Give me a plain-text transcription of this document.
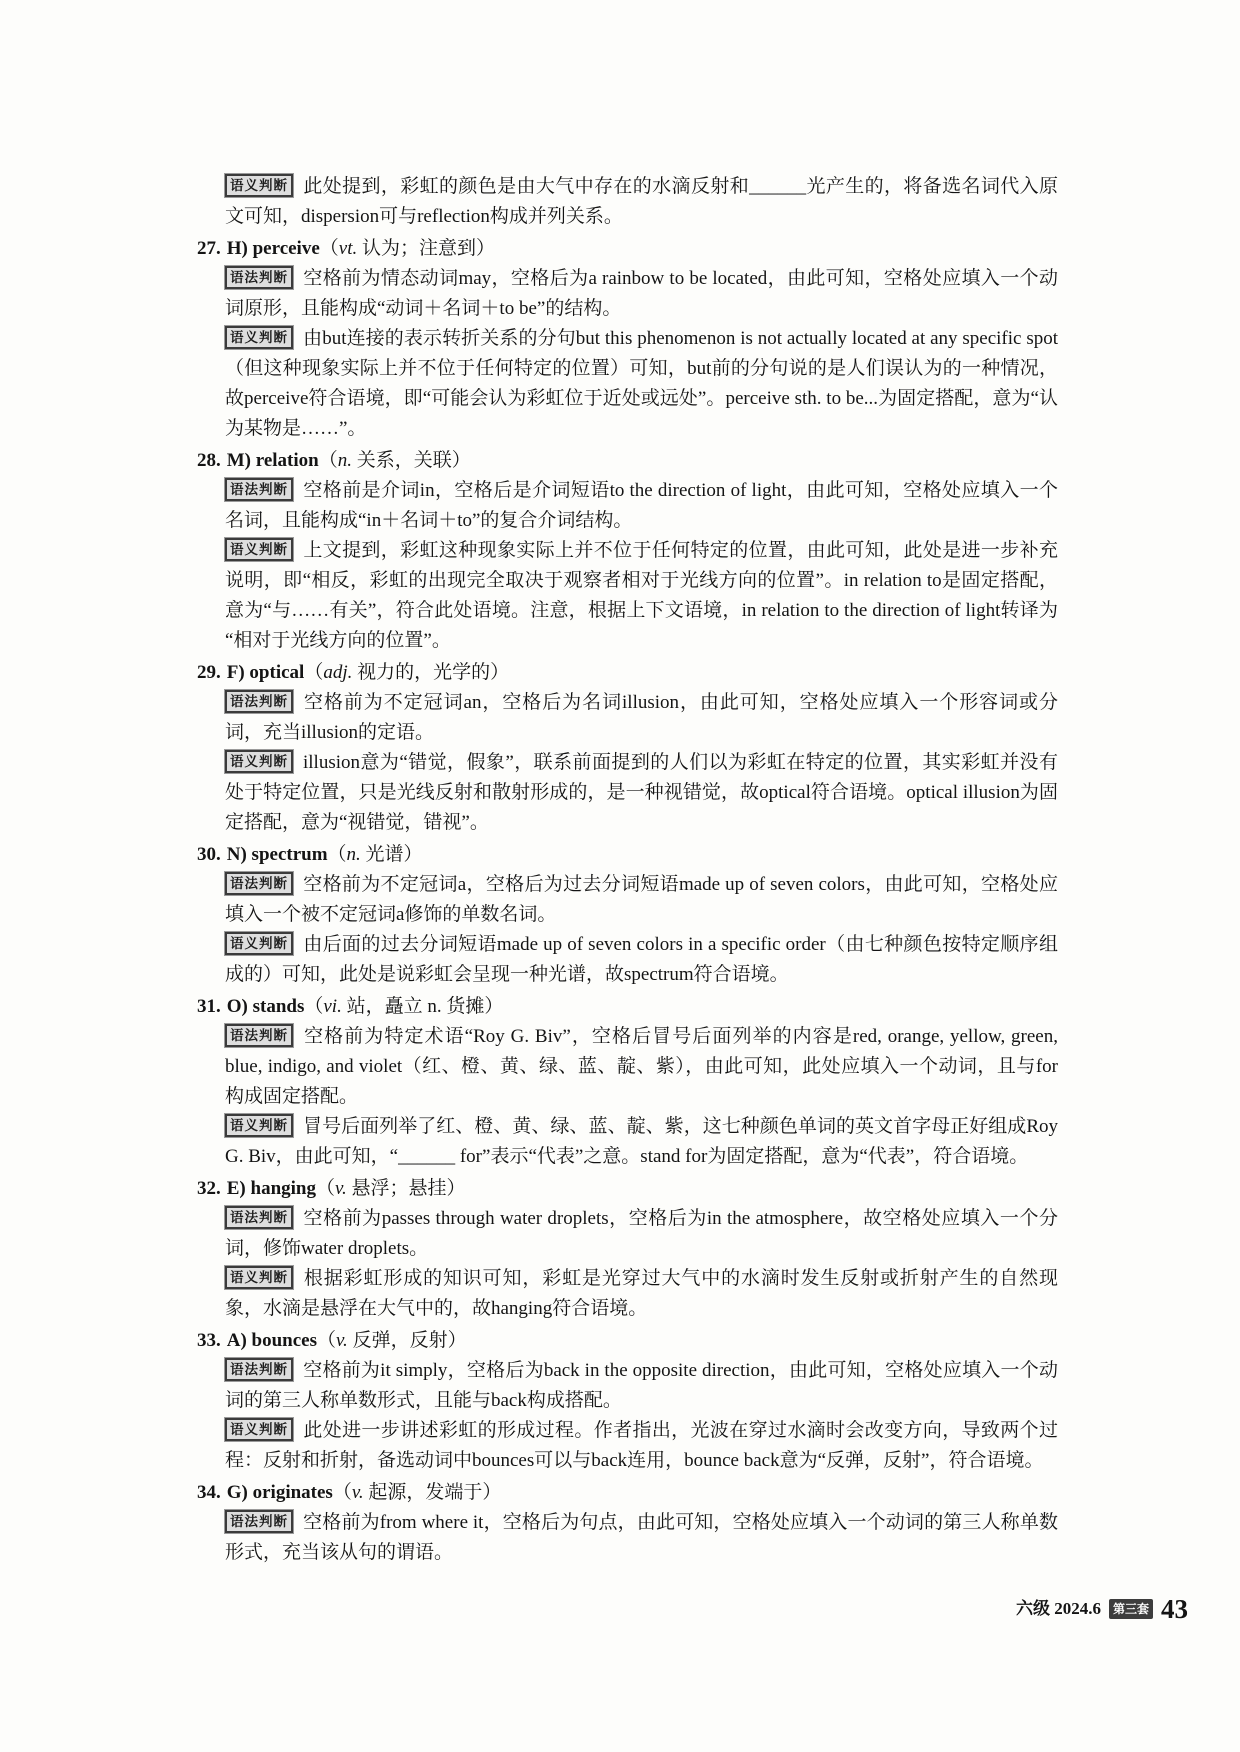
语义判断 此处提到，彩虹的颜色是由大气中存在的水滴反射和______光产生的，将备选名词代入原文可知，dispersion可与reflection构成并列关系。
27. H) perceive（vt. 认为；注意到）
语法判断 空格前为情态动词may，空格后为a rainbow to be located，由此可知，空格处应填入一个动词原形，且能构成“动词＋名词＋to be”的结构。
语义判断 由but连接的表示转折关系的分句but this phenomenon is not actually located at any specific spot（但这种现象实际上并不位于任何特定的位置）可知，but前的分句说的是人们误认为的一种情况，故perceive符合语境，即“可能会认为彩虹位于近处或远处”。perceive sth. to be...为固定搭配，意为“认为某物是……”。
28. M) relation（n. 关系，关联）
语法判断 空格前是介词in，空格后是介词短语to the direction of light，由此可知，空格处应填入一个名词，且能构成“in＋名词＋to”的复合介词结构。
语义判断 上文提到，彩虹这种现象实际上并不位于任何特定的位置，由此可知，此处是进一步补充说明，即“相反，彩虹的出现完全取决于观察者相对于光线方向的位置”。in relation to是固定搭配，意为“与……有关”，符合此处语境。注意，根据上下文语境，in relation to the direction of light转译为“相对于光线方向的位置”。
29. F) optical（adj. 视力的，光学的）
语法判断 空格前为不定冠词an，空格后为名词illusion，由此可知，空格处应填入一个形容词或分词，充当illusion的定语。
语义判断 illusion意为“错觉，假象”，联系前面提到的人们以为彩虹在特定的位置，其实彩虹并没有处于特定位置，只是光线反射和散射形成的，是一种视错觉，故optical符合语境。optical illusion为固定搭配，意为“视错觉，错视”。
30. N) spectrum（n. 光谱）
语法判断 空格前为不定冠词a，空格后为过去分词短语made up of seven colors，由此可知，空格处应填入一个被不定冠词a修饰的单数名词。
语义判断 由后面的过去分词短语made up of seven colors in a specific order（由七种颜色按特定顺序组成的）可知，此处是说彩虹会呈现一种光谱，故spectrum符合语境。
31. O) stands（vi. 站，矗立 n. 货摊）
语法判断 空格前为特定术语“Roy G. Biv”，空格后冒号后面列举的内容是red, orange, yellow, green, blue, indigo, and violet（红、橙、黄、绿、蓝、靛、紫），由此可知，此处应填入一个动词，且与for构成固定搭配。
语义判断 冒号后面列举了红、橙、黄、绿、蓝、靛、紫，这七种颜色单词的英文首字母正好组成Roy G. Biv，由此可知，“______ for”表示“代表”之意。stand for为固定搭配，意为“代表”，符合语境。
32. E) hanging（v. 悬浮；悬挂）
语法判断 空格前为passes through water droplets，空格后为in the atmosphere，故空格处应填入一个分词，修饰water droplets。
语义判断 根据彩虹形成的知识可知，彩虹是光穿过大气中的水滴时发生反射或折射产生的自然现象，水滴是悬浮在大气中的，故hanging符合语境。
33. A) bounces（v. 反弹，反射）
语法判断 空格前为it simply，空格后为back in the opposite direction，由此可知，空格处应填入一个动词的第三人称单数形式，且能与back构成搭配。
语义判断 此处进一步讲述彩虹的形成过程。作者指出，光波在穿过水滴时会改变方向，导致两个过程：反射和折射，备选动词中bounces可以与back连用，bounce back意为“反弹，反射”，符合语境。
34. G) originates（v. 起源，发端于）
语法判断 空格前为from where it，空格后为句点，由此可知，空格处应填入一个动词的第三人称单数形式，充当该从句的谓语。
六级 2024.6	第三套 43
